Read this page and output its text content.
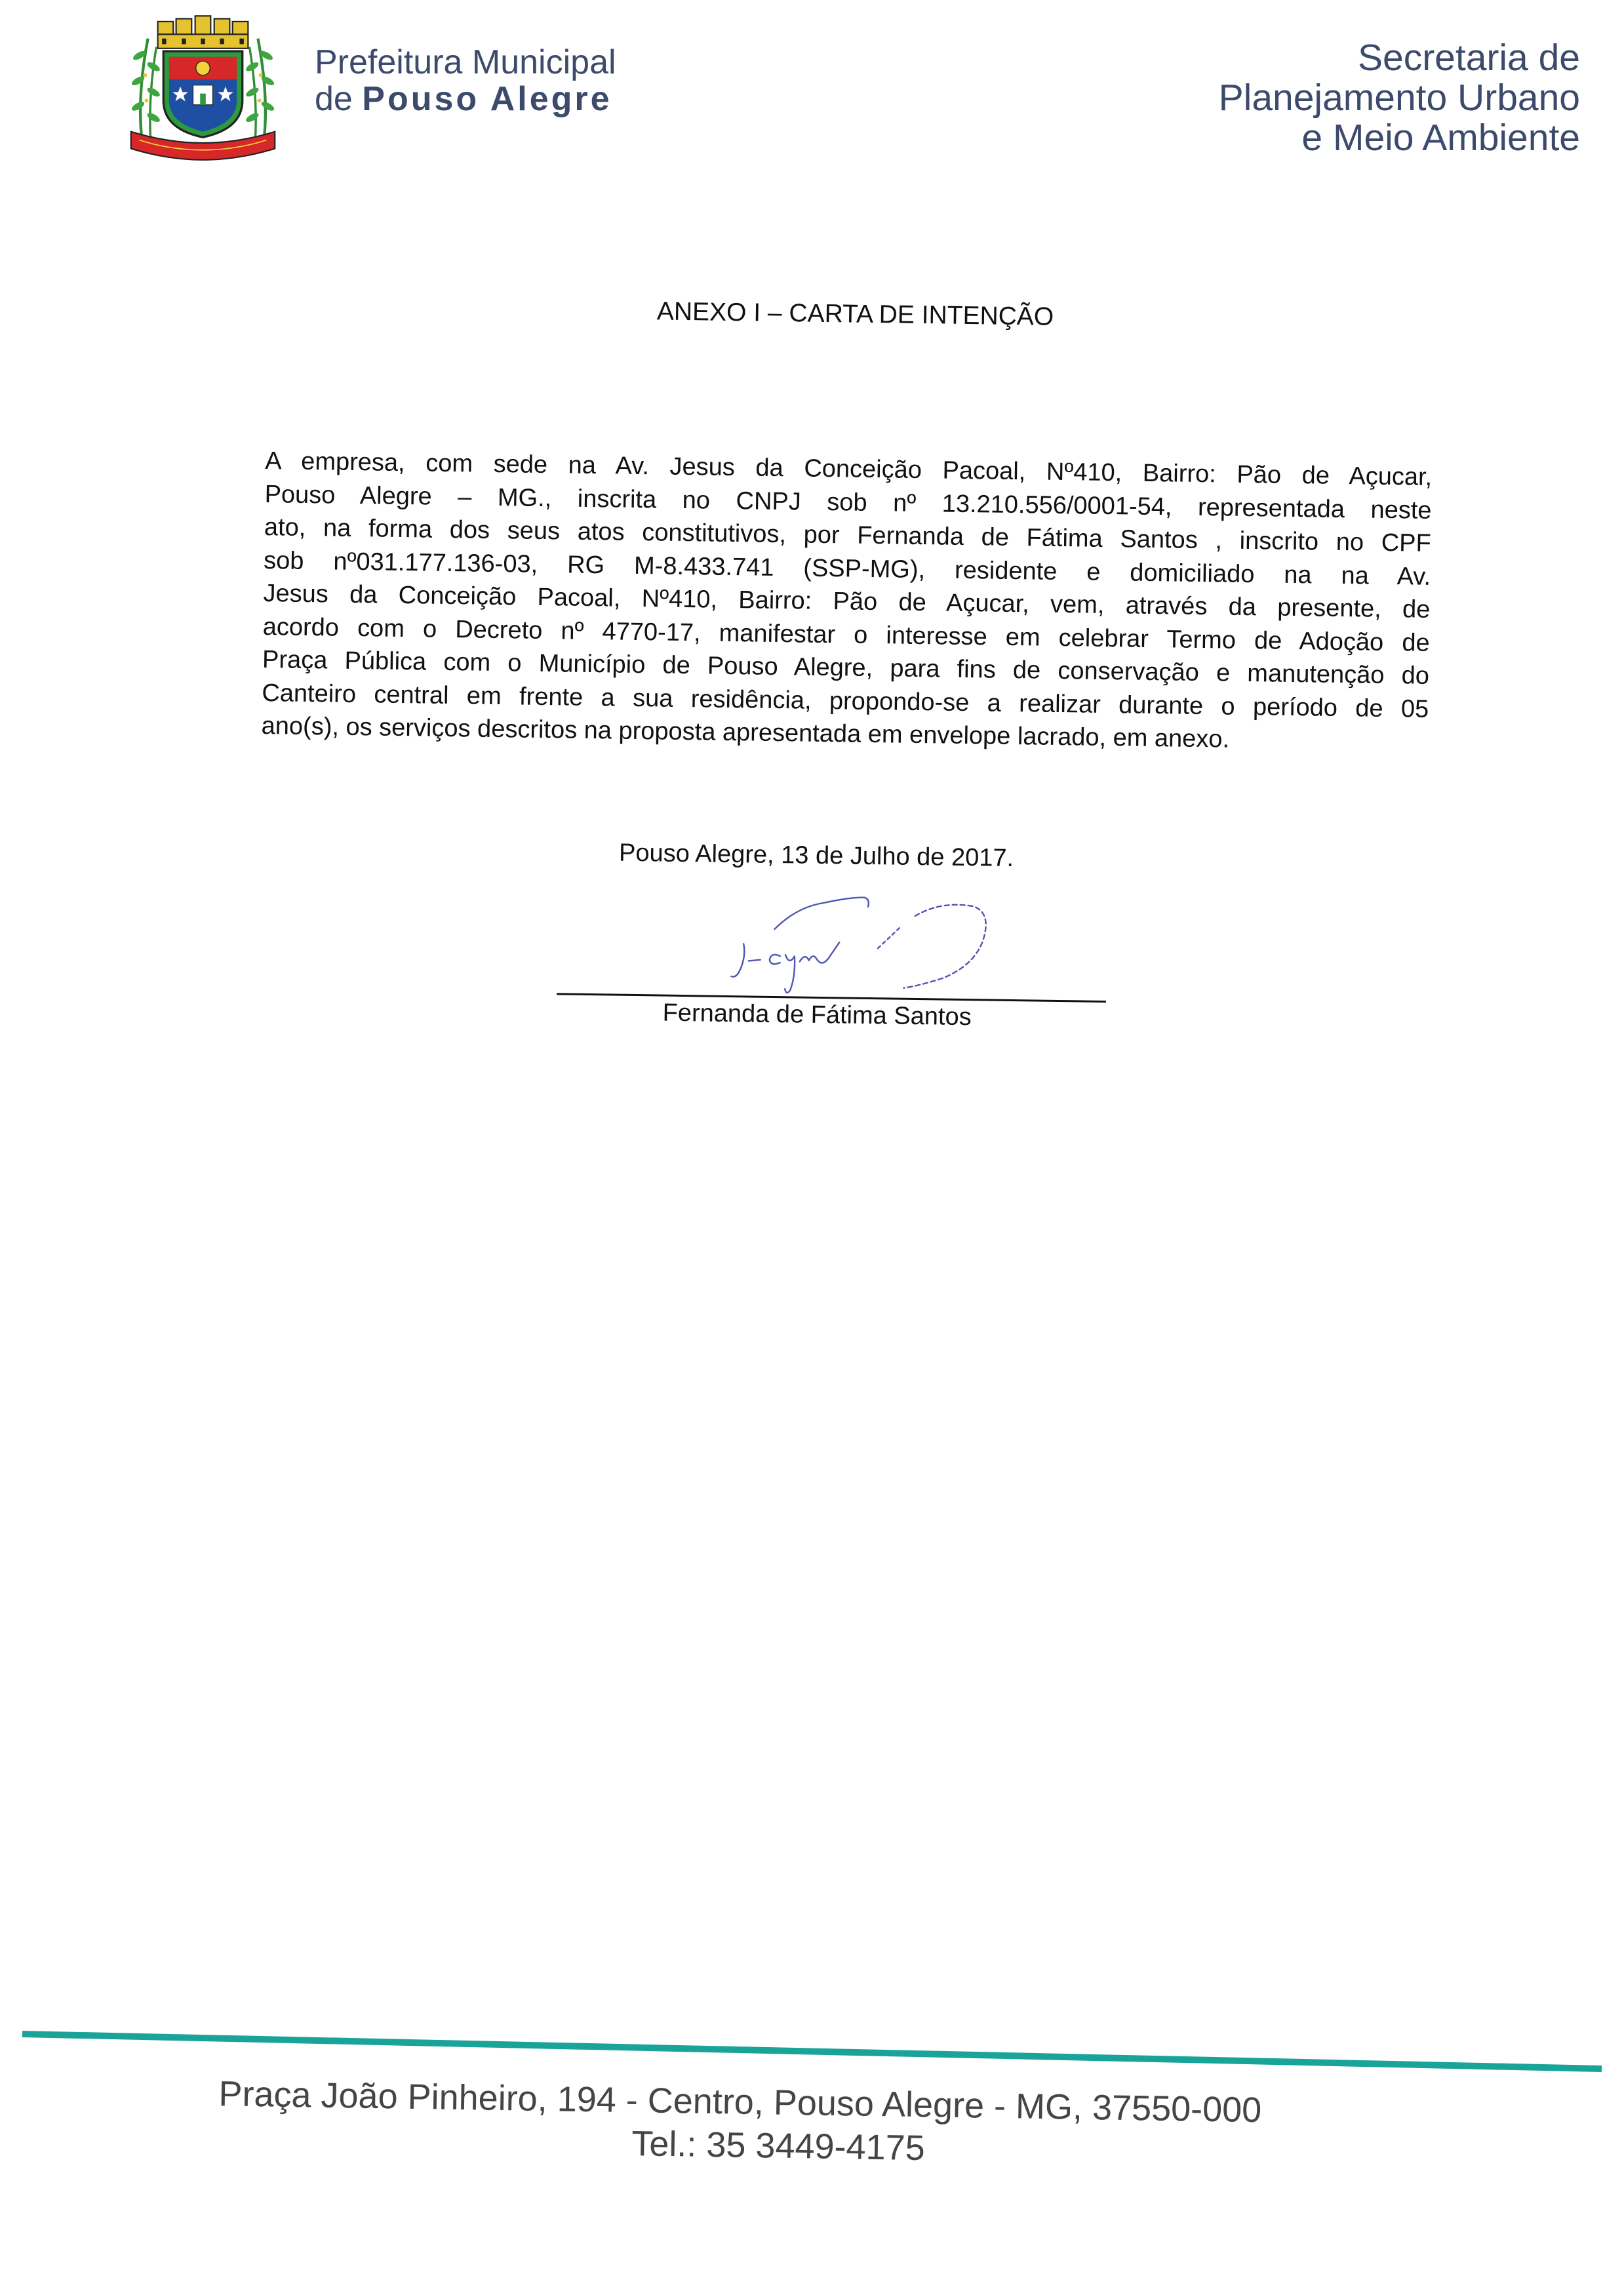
Prefeitura Municipal
de Pouso Alegre
Secretaria de
Planejamento Urbano
e Meio Ambiente
ANEXO I – CARTA DE INTENÇÃO
A empresa, com sede na Av. Jesus da Conceição Pacoal, Nº410, Bairro: Pão de Açucar,
Pouso Alegre – MG., inscrita no CNPJ sob nº 13.210.556/0001-54, representada neste
ato, na forma dos seus atos constitutivos, por Fernanda de Fátima Santos , inscrito no CPF
sob nº031.177.136-03, RG M-8.433.741 (SSP-MG), residente e domiciliado na na Av.
Jesus da Conceição Pacoal, Nº410, Bairro: Pão de Açucar, vem, através da presente, de
acordo com o Decreto nº 4770-17, manifestar o interesse em celebrar Termo de Adoção de
Praça Pública com o Município de Pouso Alegre, para fins de conservação e manutenção do
Canteiro central em frente a sua residência, propondo-se a realizar durante o período de 05
ano(s), os serviços descritos na proposta apresentada em envelope lacrado, em anexo.
Pouso Alegre, 13 de Julho de 2017.
Fernanda de Fátima Santos
Praça João Pinheiro, 194 - Centro, Pouso Alegre - MG, 37550-000
Tel.: 35 3449-4175
